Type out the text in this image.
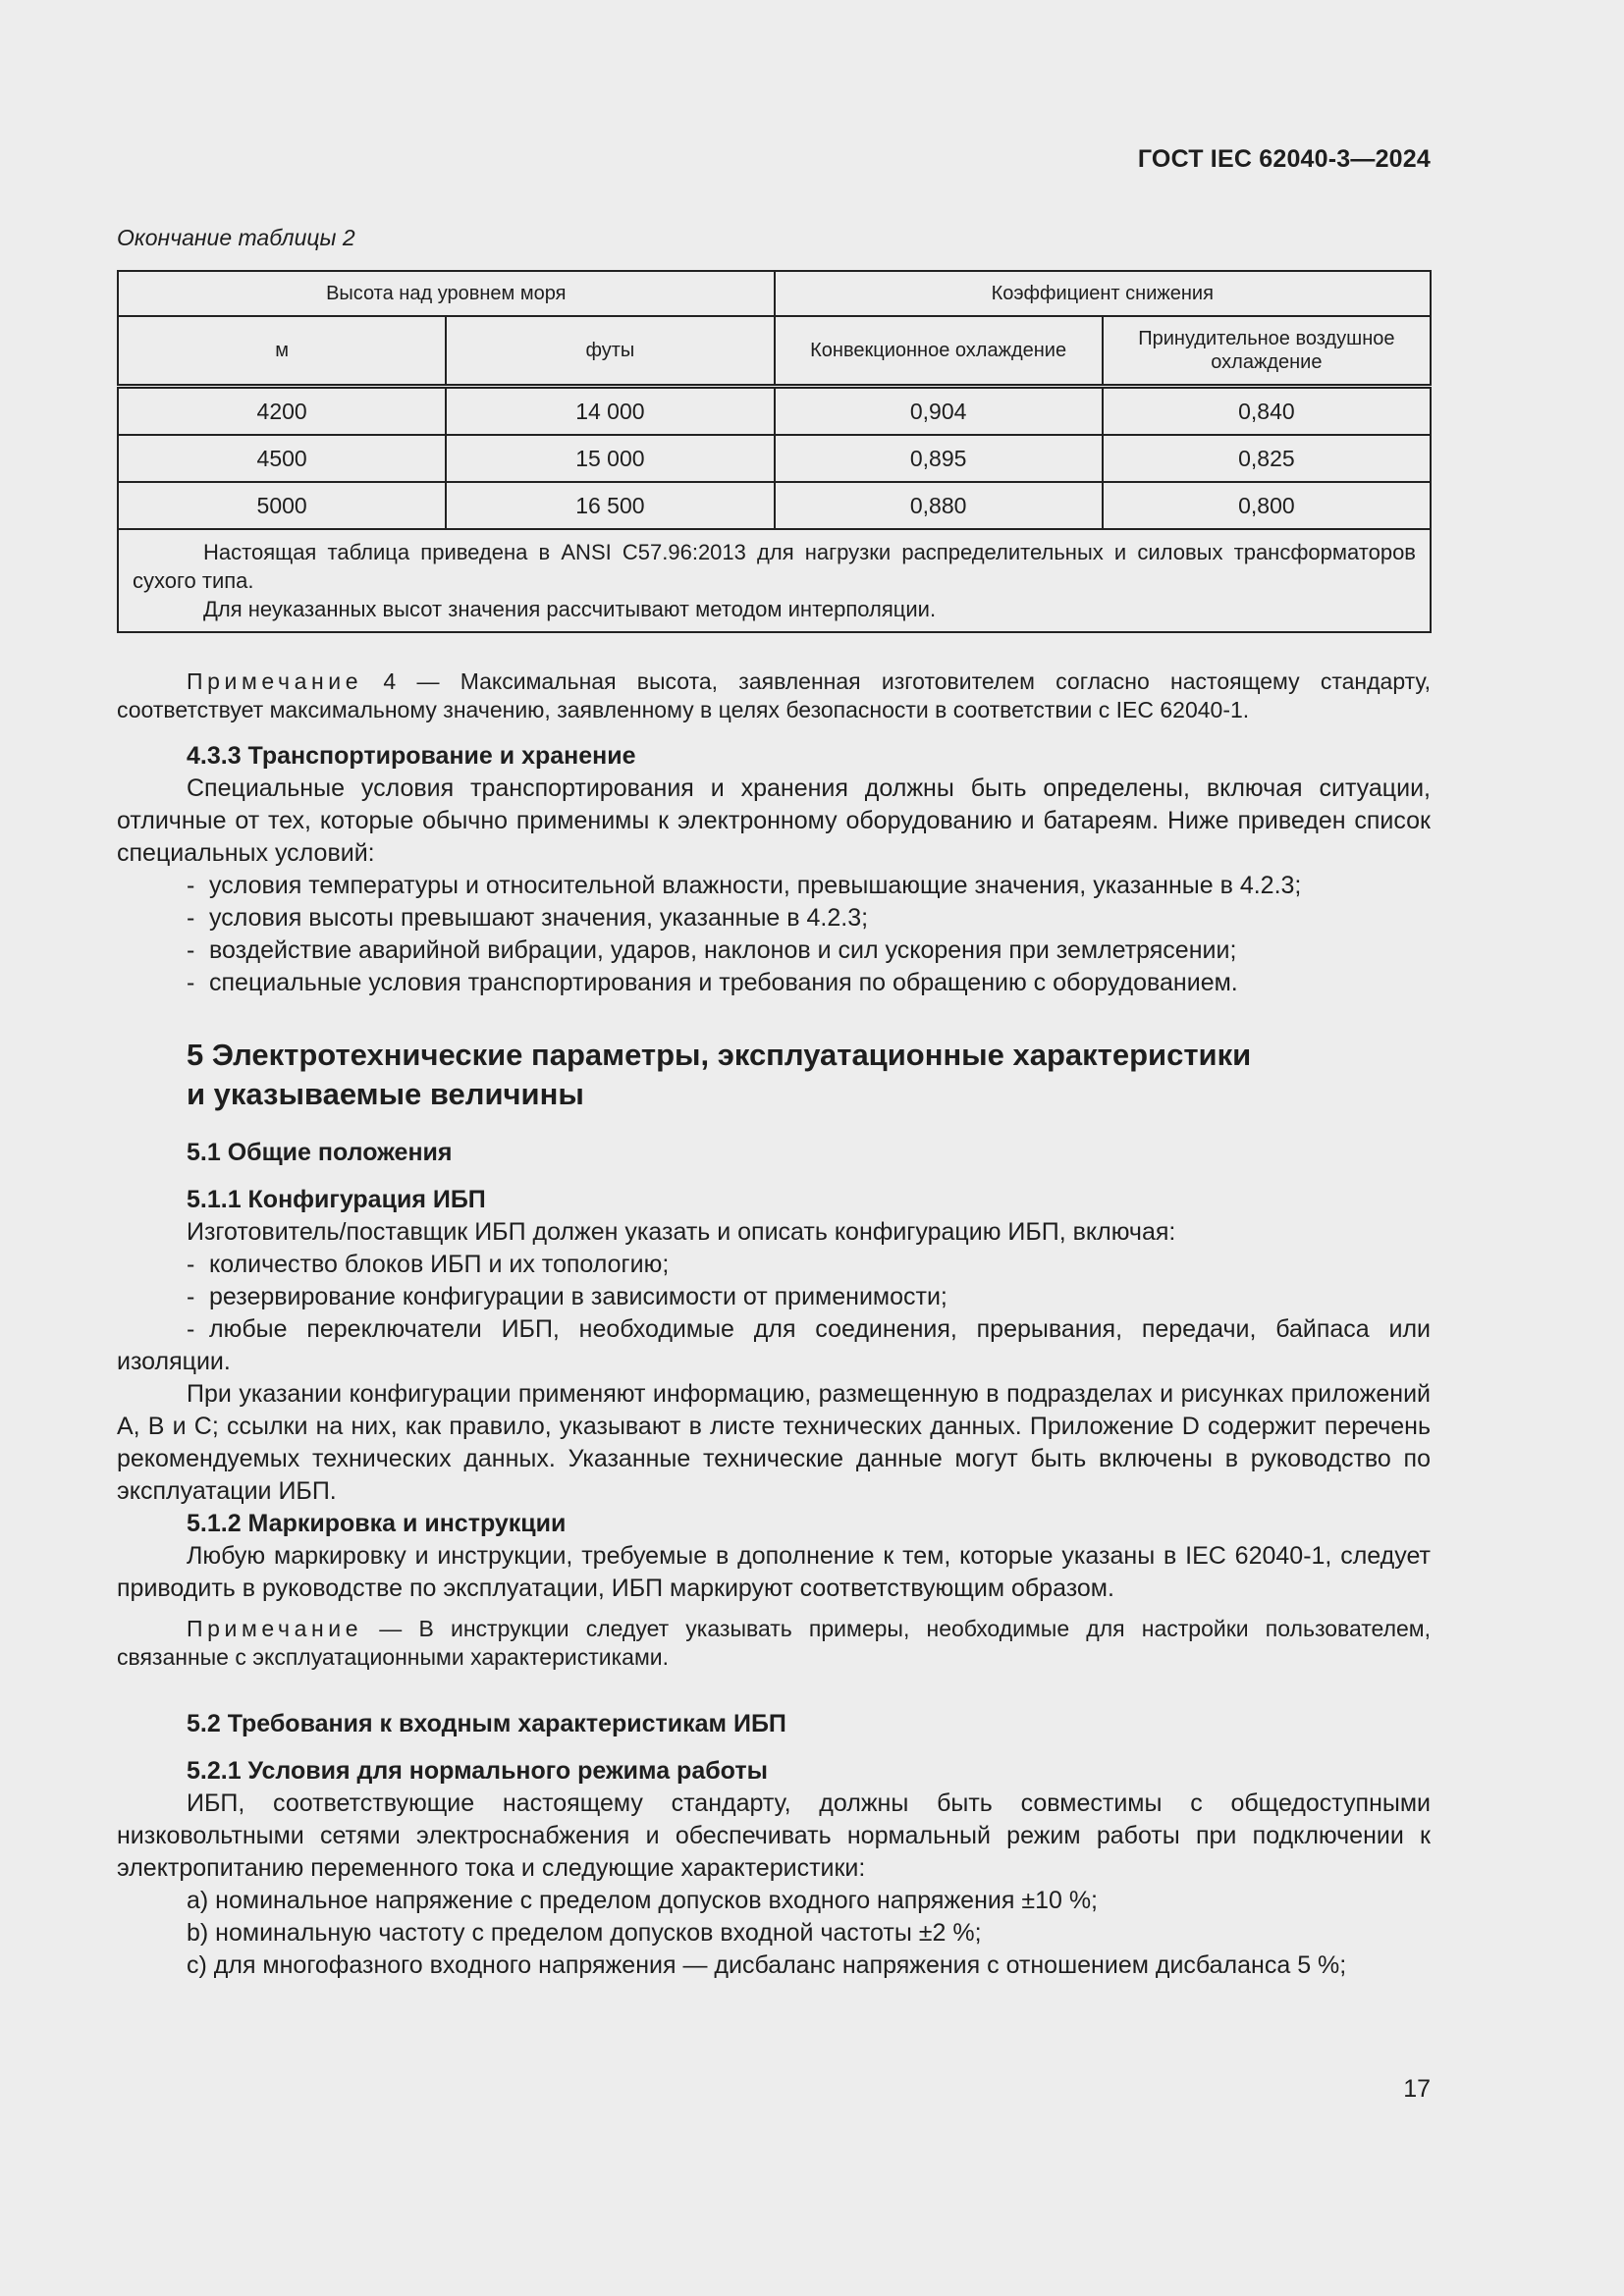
ГОСТ IEC 62040-3—2024
Окончание таблицы 2
Высота над уровнем моря		Коэффициент снижения	
м	футы	Конвекционное охлаждение	Принудительное воздушное охлаждение
4200	14 000	0,904	0,840
4500	15 000	0,895	0,825
5000	16 500	0,880	0,800

Настоящая таблица приведена в ANSI C57.96:2013 для нагрузки распределительных и силовых трансформаторов сухого типа.
Для неуказанных высот значения рассчитывают методом интерполяции.			

Примечание 4 — Максимальная высота, заявленная изготовителем согласно настоящему стандарту, соответствует максимальному значению, заявленному в целях безопасности в соответствии с IEC 62040-1.

4.3.3 Транспортирование и хранение

Специальные условия транспортирования и хранения должны быть определены, включая ситуации, отличные от тех, которые обычно применимы к электронному оборудованию и батареям. Ниже приведен список специальных условий:

- условия температуры и относительной влажности, превышающие значения, указанные в 4.2.3;

- условия высоты превышают значения, указанные в 4.2.3;

- воздействие аварийной вибрации, ударов, наклонов и сил ускорения при землетрясении;

- специальные условия транспортирования и требования по обращению с оборудованием.

5 Электротехнические параметры, эксплуатационные характеристики
и указываемые величины

5.1 Общие положения

5.1.1 Конфигурация ИБП

Изготовитель/поставщик ИБП должен указать и описать конфигурацию ИБП, включая:

- количество блоков ИБП и их топологию;

- резервирование конфигурации в зависимости от применимости;

- любые переключатели ИБП, необходимые для соединения, прерывания, передачи, байпаса или изоляции.

При указании конфигурации применяют информацию, размещенную в подразделах и рисунках приложений А, В и С; ссылки на них, как правило, указывают в листе технических данных. Приложение D содержит перечень рекомендуемых технических данных. Указанные технические данные могут быть включены в руководство по эксплуатации ИБП.

5.1.2 Маркировка и инструкции

Любую маркировку и инструкции, требуемые в дополнение к тем, которые указаны в IEC 62040-1, следует приводить в руководстве по эксплуатации, ИБП маркируют соответствующим образом.

Примечание — В инструкции следует указывать примеры, необходимые для настройки пользователем, связанные с эксплуатационными характеристиками.

5.2 Требования к входным характеристикам ИБП

5.2.1 Условия для нормального режима работы

ИБП, соответствующие настоящему стандарту, должны быть совместимы с общедоступными низковольтными сетями электроснабжения и обеспечивать нормальный режим работы при подключении к электропитанию переменного тока и следующие характеристики:

a) номинальное напряжение с пределом допусков входного напряжения ±10 %;

b) номинальную частоту с пределом допусков входной частоты ±2 %;

c) для многофазного входного напряжения — дисбаланс напряжения с отношением дисбаланса 5 %;

17
